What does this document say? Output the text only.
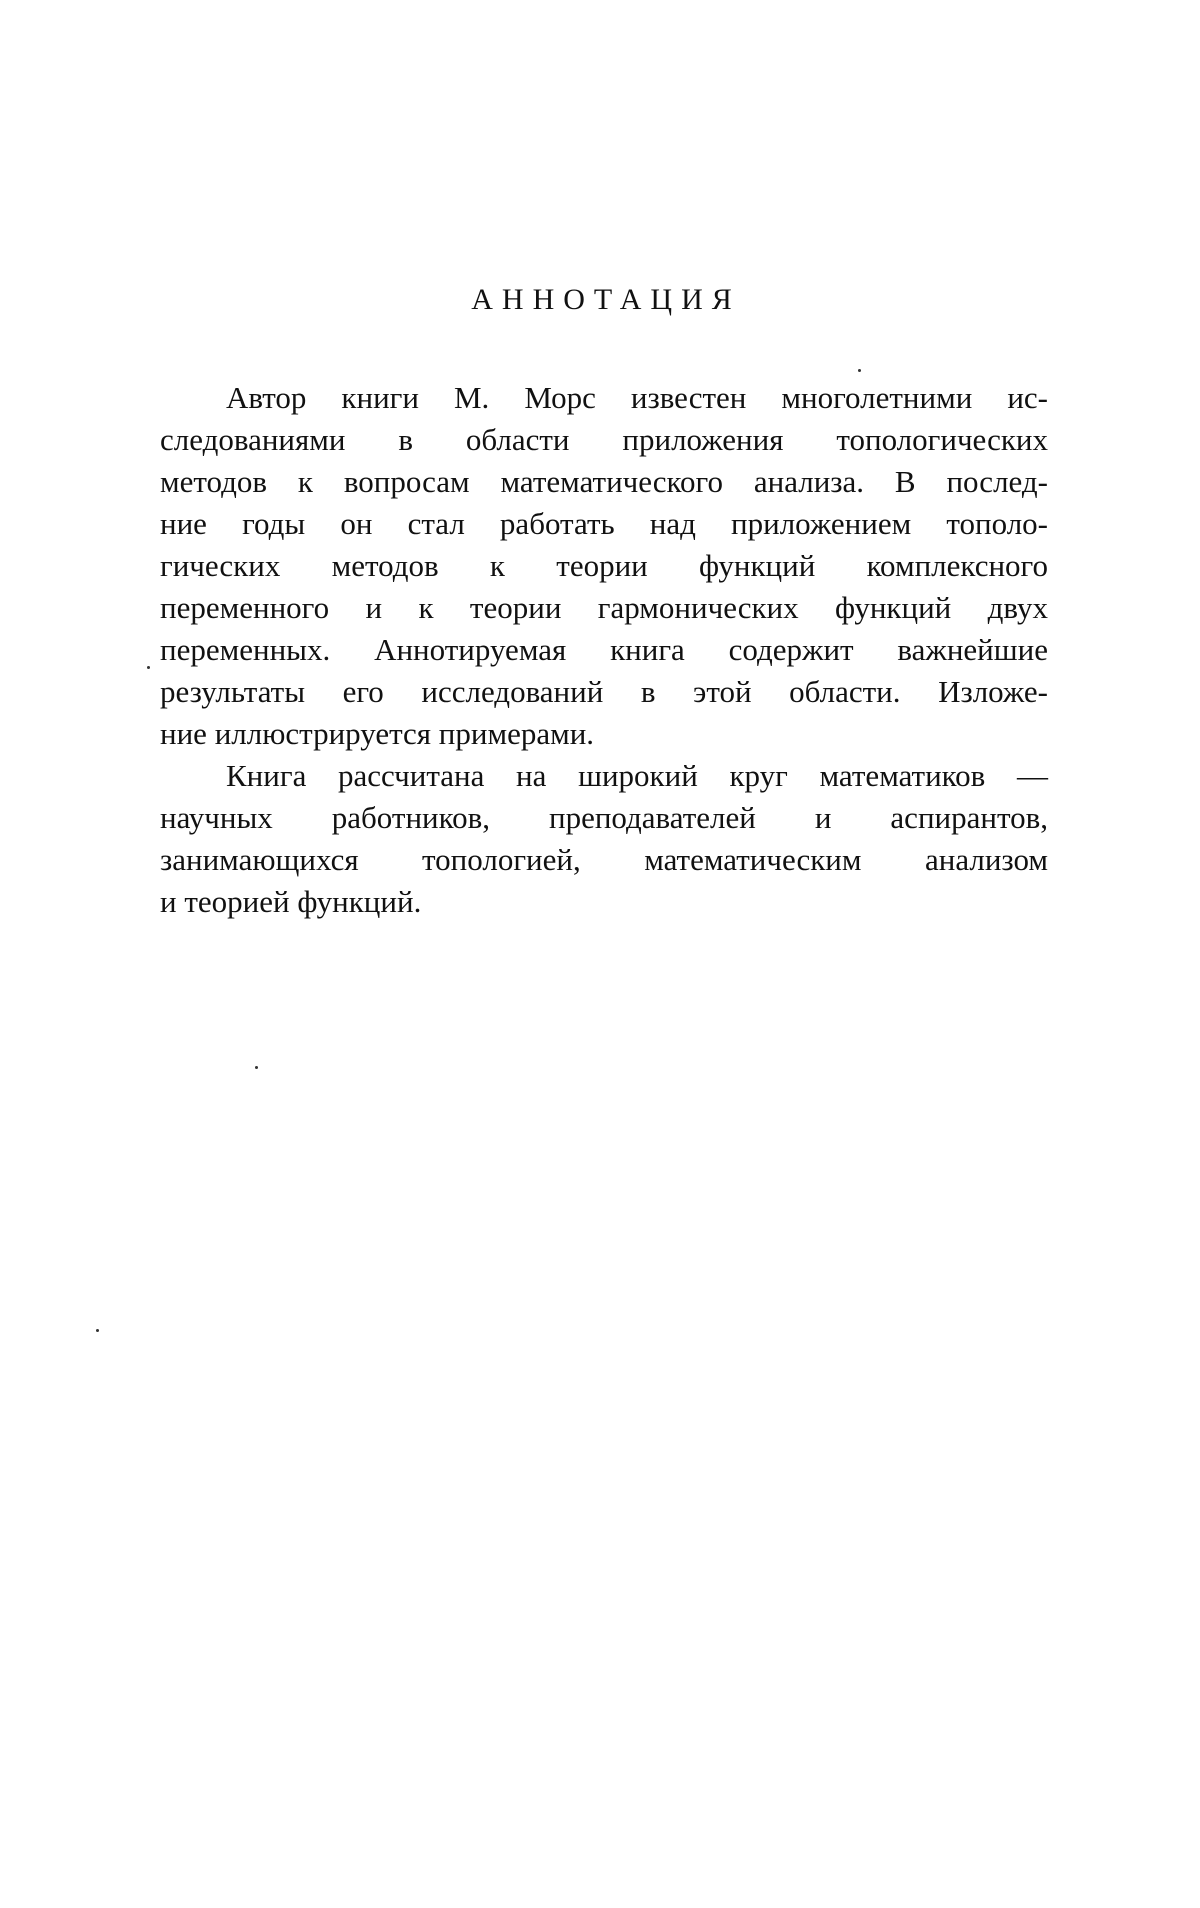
АННОТАЦИЯ
Автор книги М. Морс известен многолетними ис-
следованиями в области приложения топологических
методов к вопросам математического анализа. В послед-
ние годы он стал работать над приложением тополо-
гических методов к теории функций комплексного
переменного и к теории гармонических функций двух
переменных. Аннотируемая книга содержит важнейшие
результаты его исследований в этой области. Изложе-
ние иллюстрируется примерами.
Книга рассчитана на широкий круг математиков —
научных работников, преподавателей и аспирантов,
занимающихся топологией, математическим анализом
и теорией функций.
